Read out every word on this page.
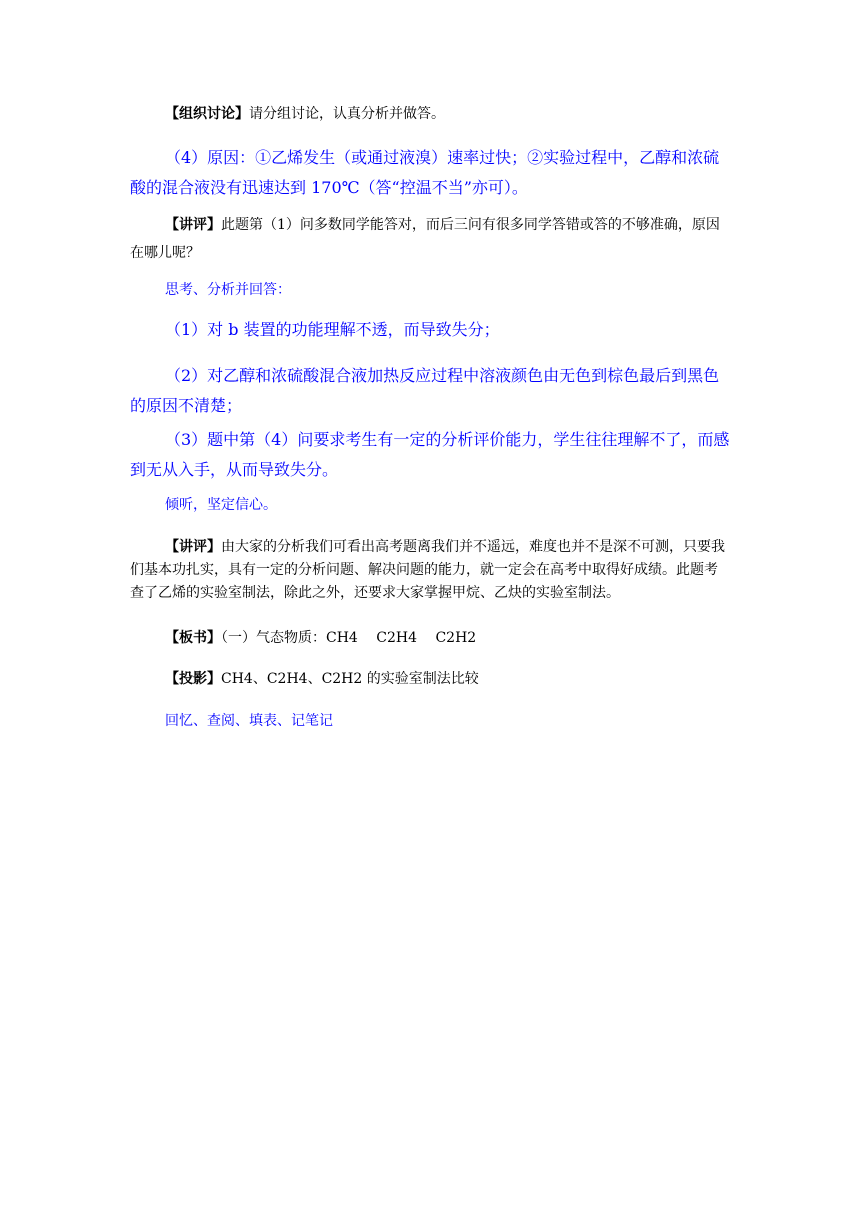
【组织讨论】请分组讨论，认真分析并做答。

（4）原因：①乙烯发生（或通过液溴）速率过快；②实验过程中，乙醇和浓硫酸的混合液没有迅速达到 170℃（答“控温不当”亦可）。

【讲评】此题第（1）问多数同学能答对，而后三问有很多同学答错或答的不够准确，原因在哪儿呢？

思考、分析并回答：

（1）对 b 装置的功能理解不透，而导致失分；

（2）对乙醇和浓硫酸混合液加热反应过程中溶液颜色由无色到棕色最后到黑色的原因不清楚；

（3）题中第（4）问要求考生有一定的分析评价能力，学生往往理解不了，而感到无从入手，从而导致失分。

倾听，坚定信心。

【讲评】由大家的分析我们可看出高考题离我们并不遥远，难度也并不是深不可测，只要我们基本功扎实，具有一定的分析问题、解决问题的能力，就一定会在高考中取得好成绩。此题考查了乙烯的实验室制法，除此之外，还要求大家掌握甲烷、乙炔的实验室制法。

【板书】（一）气态物质：CH4　 C2H4　 C2H2

【投影】CH4、C2H4、C2H2 的实验室制法比较

回忆、查阅、填表、记笔记
